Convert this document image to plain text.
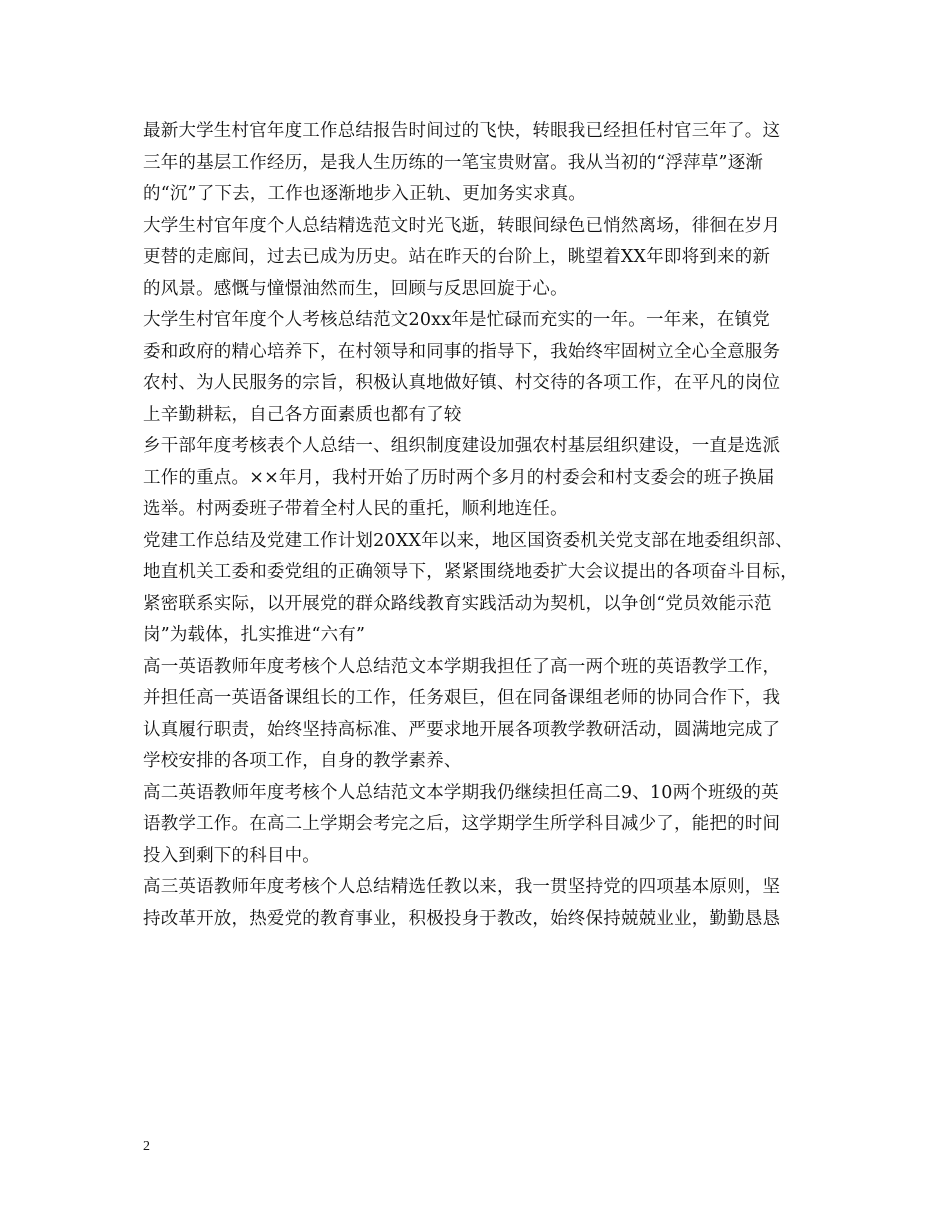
最新大学生村官年度工作总结报告时间过的飞快，转眼我已经担任村官三年了。这
三年的基层工作经历，是我人生历练的一笔宝贵财富。我从当初的“浮萍草”逐渐
的“沉”了下去，工作也逐渐地步入正轨、更加务实求真。

大学生村官年度个人总结精选范文时光飞逝，转眼间绿色已悄然离场，徘徊在岁月
更替的走廊间，过去已成为历史。站在昨天的台阶上，眺望着XX年即将到来的新
的风景。感慨与憧憬油然而生，回顾与反思回旋于心。

大学生村官年度个人考核总结范文20xx年是忙碌而充实的一年。一年来，在镇党
委和政府的精心培养下，在村领导和同事的指导下，我始终牢固树立全心全意服务
农村、为人民服务的宗旨，积极认真地做好镇、村交待的各项工作，在平凡的岗位
上辛勤耕耘，自己各方面素质也都有了较

乡干部年度考核表个人总结一、组织制度建设加强农村基层组织建设，一直是选派
工作的重点。××年月，我村开始了历时两个多月的村委会和村支委会的班子换届
选举。村两委班子带着全村人民的重托，顺利地连任。

党建工作总结及党建工作计划20XX年以来，地区国资委机关党支部在地委组织部、
地直机关工委和委党组的正确领导下，紧紧围绕地委扩大会议提出的各项奋斗目标，
紧密联系实际，以开展党的群众路线教育实践活动为契机，以争创“党员效能示范
岗”为载体，扎实推进“六有”

高一英语教师年度考核个人总结范文本学期我担任了高一两个班的英语教学工作，
并担任高一英语备课组长的工作，任务艰巨，但在同备课组老师的协同合作下，我
认真履行职责，始终坚持高标准、严要求地开展各项教学教研活动，圆满地完成了
学校安排的各项工作，自身的教学素养、

高二英语教师年度考核个人总结范文本学期我仍继续担任高二9、10两个班级的英
语教学工作。在高二上学期会考完之后，这学期学生所学科目减少了，能把的时间
投入到剩下的科目中。

高三英语教师年度考核个人总结精选任教以来，我一贯坚持党的四项基本原则，坚
持改革开放，热爱党的教育事业，积极投身于教改，始终保持兢兢业业，勤勤恳恳

2
